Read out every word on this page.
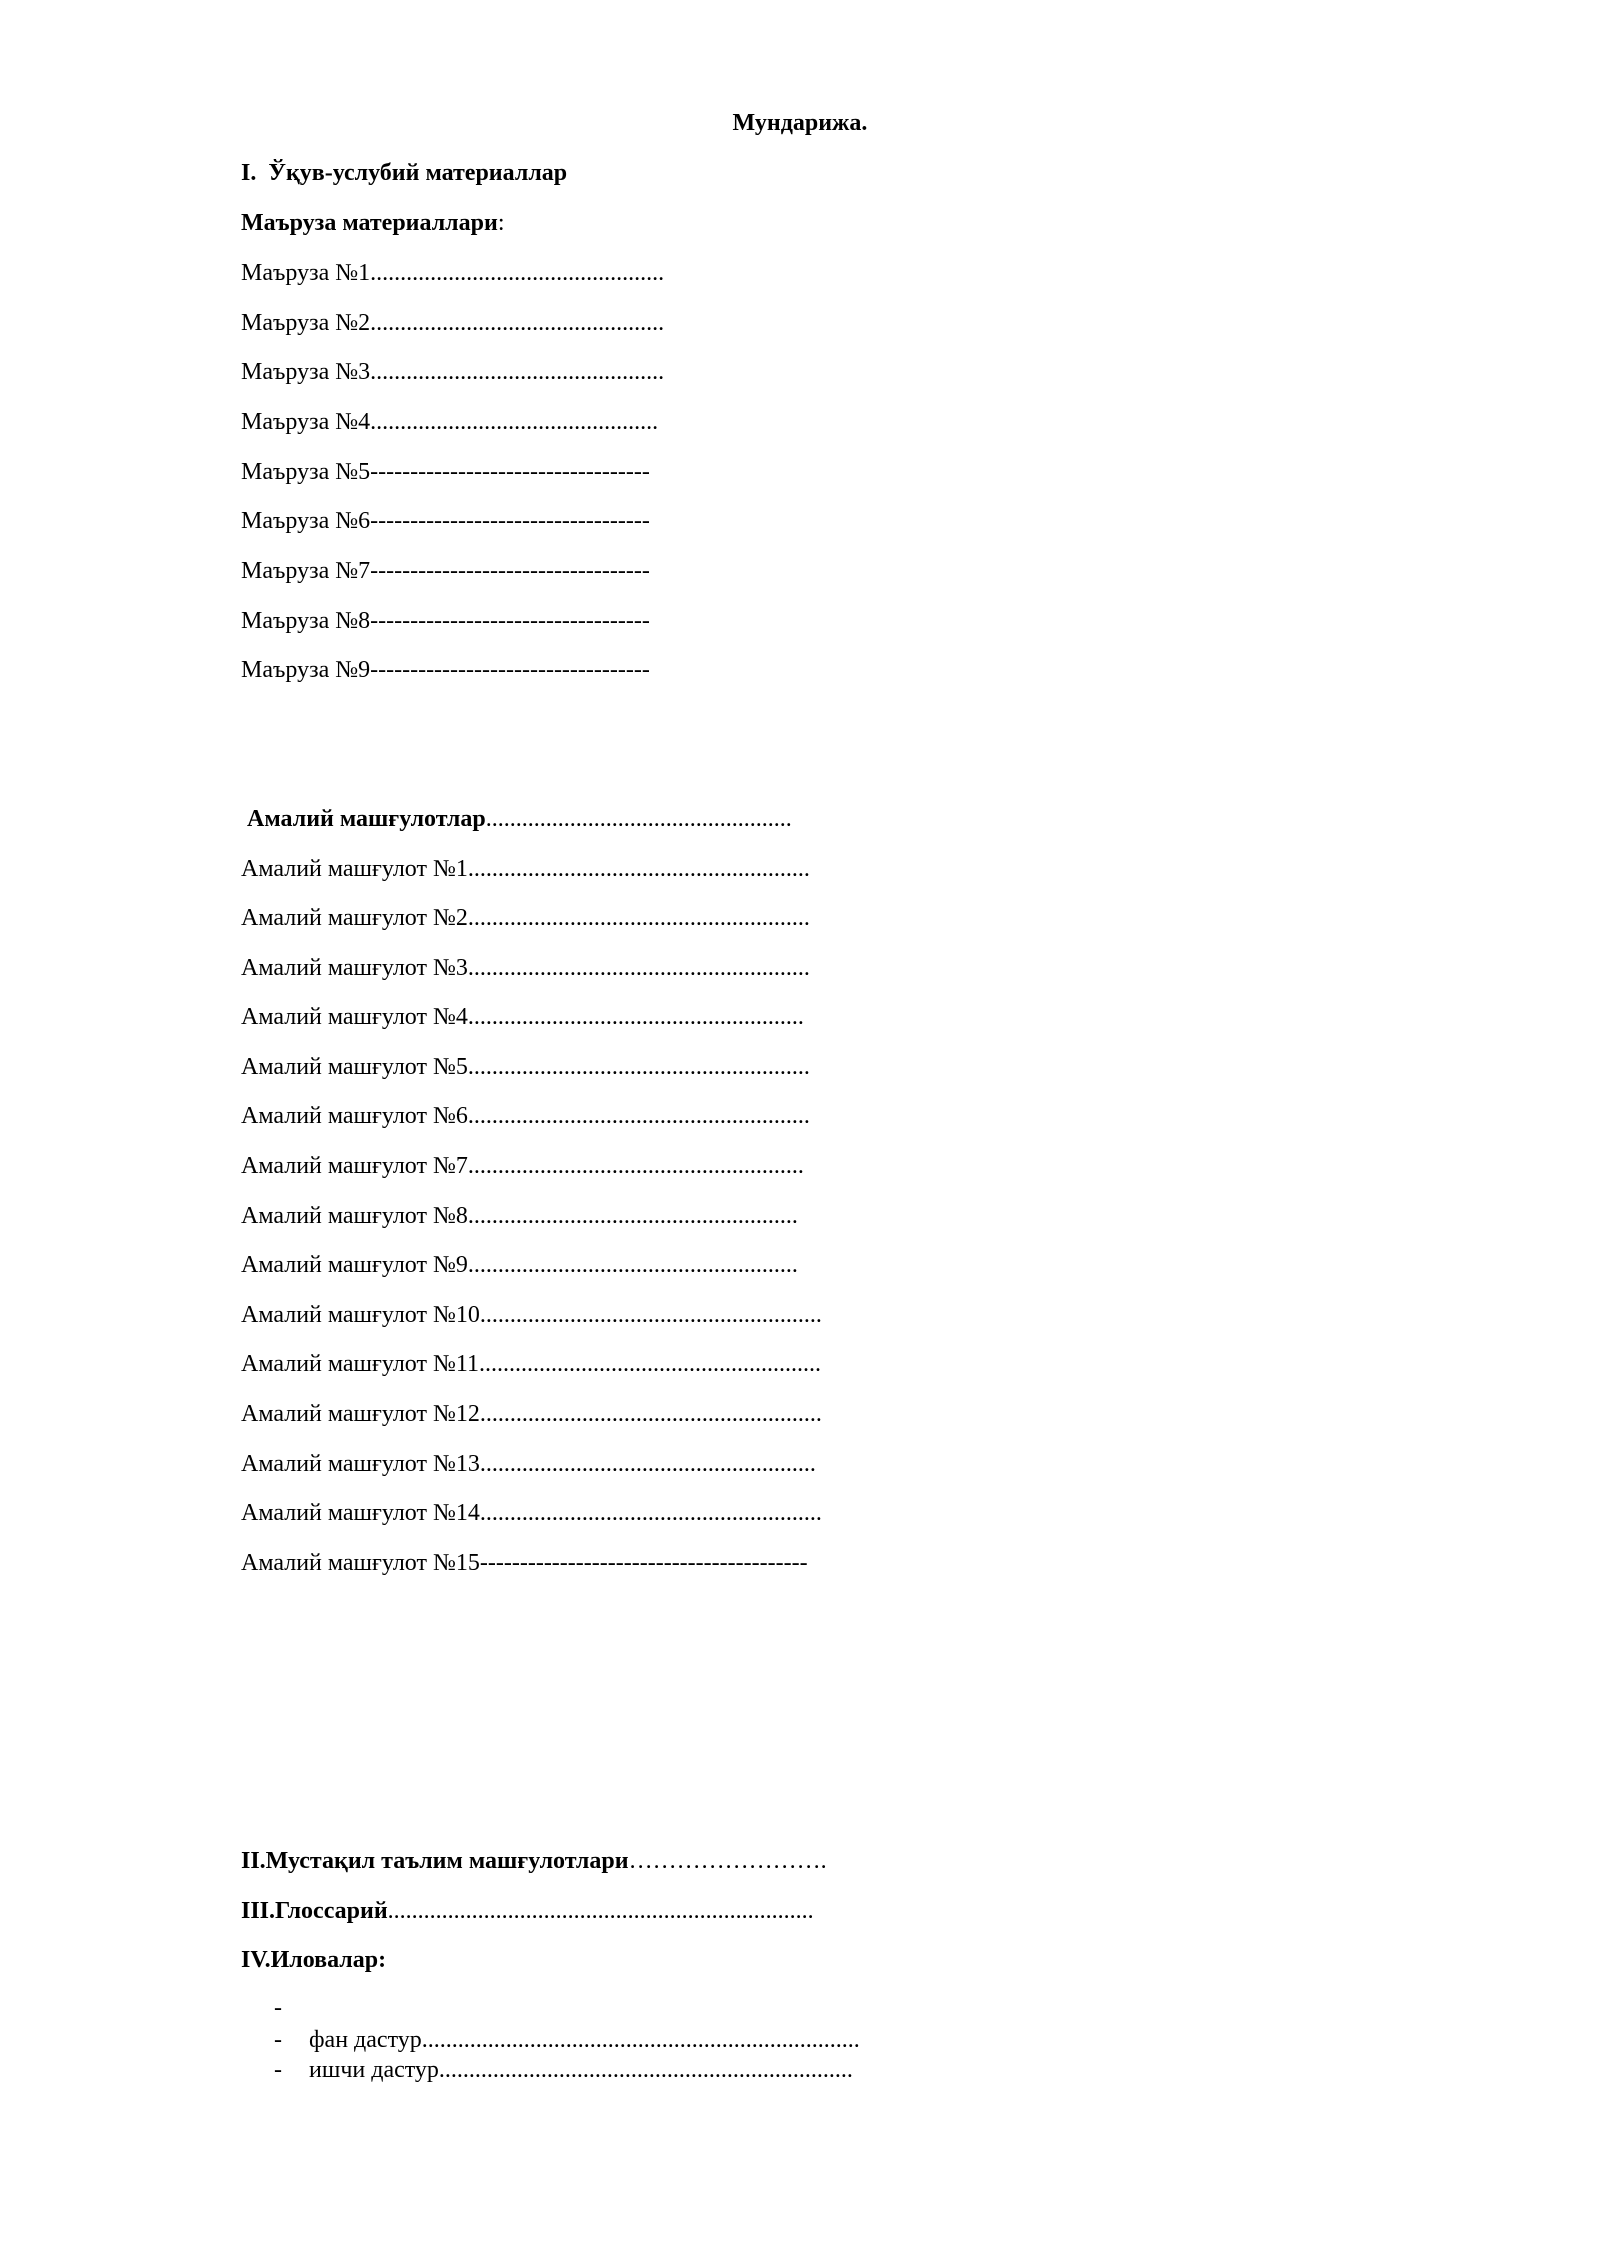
Мундарижа.
I. Ўқув-услубий материаллар
Маъруза материаллари:
Маъруза №1.................................................
Маъруза №2.................................................
Маъруза №3.................................................
Маъруза №4................................................
Маъруза №5-----------------------------------
Маъруза №6-----------------------------------
Маъруза №7-----------------------------------
Маъруза №8-----------------------------------
Маъруза №9-----------------------------------
Амалий машғулотлар...................................................
Амалий машғулот №1.........................................................
Амалий машғулот №2.........................................................
Амалий машғулот №3.........................................................
Амалий машғулот №4........................................................
Амалий машғулот №5.........................................................
Амалий машғулот №6.........................................................
Амалий машғулот №7........................................................
Амалий машғулот №8.......................................................
Амалий машғулот №9.......................................................
Амалий машғулот №10.........................................................
Амалий машғулот №11.........................................................
Амалий машғулот №12.........................................................
Амалий машғулот №13........................................................
Амалий машғулот №14.........................................................
Амалий машғулот №15-----------------------------------------
II.Мустақил таълим машғулотлари…………………….
III.Глоссарий.......................................................................
IV.Иловалар:
-
- фан дастур.........................................................................
- ишчи дастур.....................................................................
